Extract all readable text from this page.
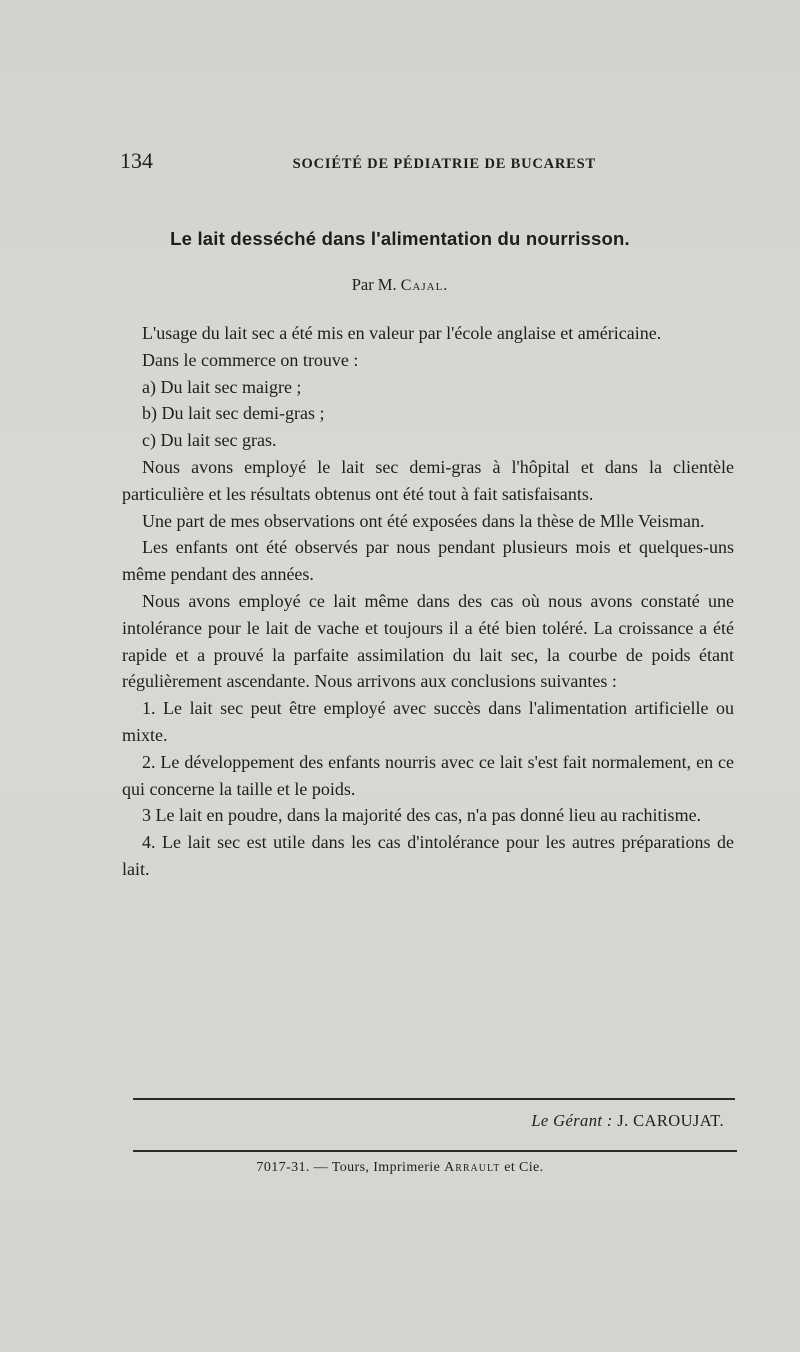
134	SOCIÉTÉ DE PÉDIATRIE DE BUCAREST
Le lait desséché dans l'alimentation du nourrisson.
Par M. Cajal.

L'usage du lait sec a été mis en valeur par l'école anglaise et américaine.

Dans le commerce on trouve :

a) Du lait sec maigre ;

b) Du lait sec demi-gras ;

c) Du lait sec gras.

Nous avons employé le lait sec demi-gras à l'hôpital et dans la clientèle particulière et les résultats obtenus ont été tout à fait satisfaisants.

Une part de mes observations ont été exposées dans la thèse de Mlle Veisman.

Les enfants ont été observés par nous pendant plusieurs mois et quelques-uns même pendant des années.

Nous avons employé ce lait même dans des cas où nous avons constaté une intolérance pour le lait de vache et toujours il a été bien toléré. La croissance a été rapide et a prouvé la parfaite assimilation du lait sec, la courbe de poids étant régulièrement ascendante. Nous arrivons aux conclusions suivantes :

1. Le lait sec peut être employé avec succès dans l'alimentation artificielle ou mixte.

2. Le développement des enfants nourris avec ce lait s'est fait normalement, en ce qui concerne la taille et le poids.

3 Le lait en poudre, dans la majorité des cas, n'a pas donné lieu au rachitisme.

4. Le lait sec est utile dans les cas d'intolérance pour les autres préparations de lait.

Le Gérant : J. CAROUJAT.
7017-31. — Tours, Imprimerie Arrault et Cie.
